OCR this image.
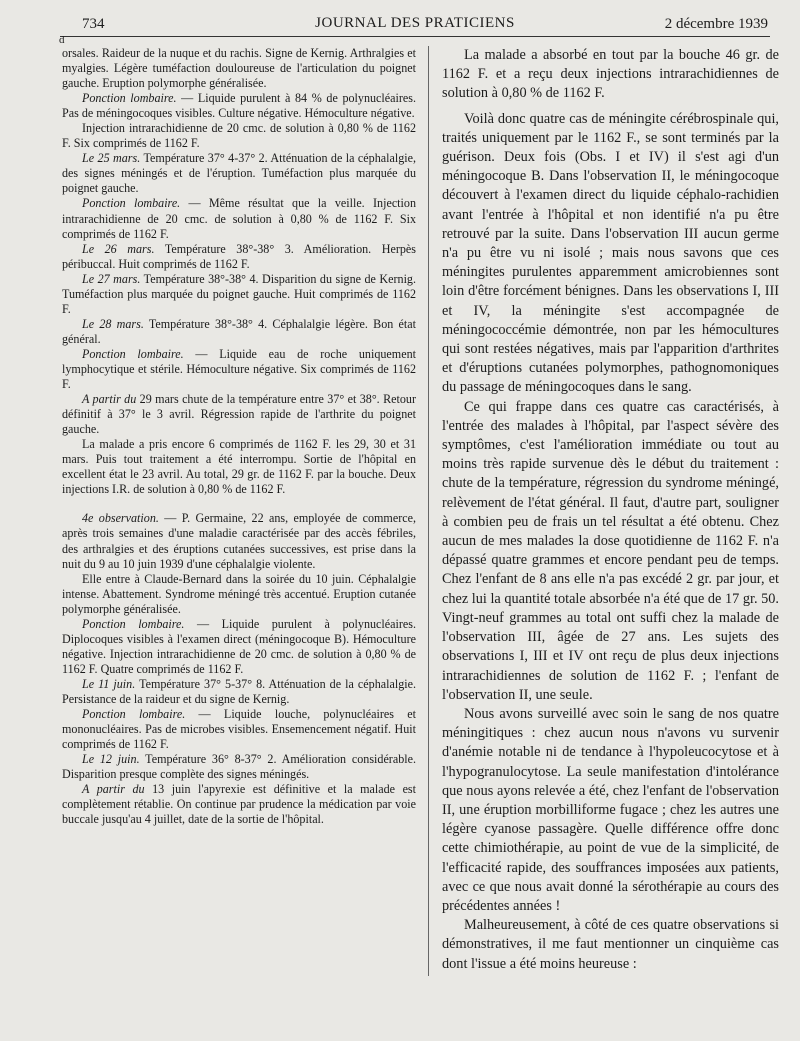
d
734	JOURNAL DES PRATICIENS	2 décembre 1939

orsales. Raideur de la nuque et du rachis. Signe de Kernig. Arthralgies et myalgies. Légère tuméfaction douloureuse de l'articulation du poignet gauche. Eruption polymorphe généralisée.

Ponction lombaire. — Liquide purulent à 84 % de polynucléaires. Pas de méningocoques visibles. Culture négative. Hémoculture négative.

Injection intrarachidienne de 20 cmc. de solution à 0,80 % de 1162 F. Six comprimés de 1162 F.

Le 25 mars. Température 37° 4-37° 2. Atténuation de la céphalalgie, des signes méningés et de l'éruption. Tuméfaction plus marquée du poignet gauche.

Ponction lombaire. — Même résultat que la veille. Injection intrarachidienne de 20 cmc. de solution à 0,80 % de 1162 F. Six comprimés de 1162 F.

Le 26 mars. Température 38°-38° 3. Amélioration. Herpès péribuccal. Huit comprimés de 1162 F.

Le 27 mars. Température 38°-38° 4. Disparition du signe de Kernig. Tuméfaction plus marquée du poignet gauche. Huit comprimés de 1162 F.

Le 28 mars. Température 38°-38° 4. Céphalalgie légère. Bon état général.

Ponction lombaire. — Liquide eau de roche uniquement lymphocytique et stérile. Hémoculture négative. Six comprimés de 1162 F.

A partir du 29 mars chute de la température entre 37° et 38°. Retour définitif à 37° le 3 avril. Régression rapide de l'arthrite du poignet gauche.

La malade a pris encore 6 comprimés de 1162 F. les 29, 30 et 31 mars. Puis tout traitement a été interrompu. Sortie de l'hôpital en excellent état le 23 avril. Au total, 29 gr. de 1162 F. par la bouche. Deux injections I.R. de solution à 0,80 % de 1162 F.

4e observation. — P. Germaine, 22 ans, employée de commerce, après trois semaines d'une maladie caractérisée par des accès fébriles, des arthralgies et des éruptions cutanées successives, est prise dans la nuit du 9 au 10 juin 1939 d'une céphalalgie violente.

Elle entre à Claude-Bernard dans la soirée du 10 juin. Céphalalgie intense. Abattement. Syndrome méningé très accentué. Eruption cutanée polymorphe généralisée.

Ponction lombaire. — Liquide purulent à polynucléaires. Diplocoques visibles à l'examen direct (méningocoque B). Hémoculture négative. Injection intrarachidienne de 20 cmc. de solution à 0,80 % de 1162 F. Quatre comprimés de 1162 F.

Le 11 juin. Température 37° 5-37° 8. Atténuation de la céphalalgie. Persistance de la raideur et du signe de Kernig.

Ponction lombaire. — Liquide louche, polynucléaires et mononucléaires. Pas de microbes visibles. Ensemencement négatif. Huit comprimés de 1162 F.

Le 12 juin. Température 36° 8-37° 2. Amélioration considérable. Disparition presque complète des signes méningés.

A partir du 13 juin l'apyrexie est définitive et la malade est complètement rétablie. On continue par prudence la médication par voie buccale jusqu'au 4 juillet, date de la sortie de l'hôpital.

La malade a absorbé en tout par la bouche 46 gr. de 1162 F. et a reçu deux injections intrarachidiennes de solution à 0,80 % de 1162 F.

Voilà donc quatre cas de méningite cérébrospinale qui, traités uniquement par le 1162 F., se sont terminés par la guérison. Deux fois (Obs. I et IV) il s'est agi d'un méningocoque B. Dans l'observation II, le méningocoque découvert à l'examen direct du liquide céphalo-rachidien avant l'entrée à l'hôpital et non identifié n'a pu être retrouvé par la suite. Dans l'observation III aucun germe n'a pu être vu ni isolé ; mais nous savons que ces méningites purulentes apparemment amicrobiennes sont loin d'être forcément bénignes. Dans les observations I, III et IV, la méningite s'est accompagnée de méningococcémie démontrée, non par les hémocultures qui sont restées négatives, mais par l'apparition d'arthrites et d'éruptions cutanées polymorphes, pathognomoniques du passage de méningocoques dans le sang.

Ce qui frappe dans ces quatre cas caractérisés, à l'entrée des malades à l'hôpital, par l'aspect sévère des symptômes, c'est l'amélioration immédiate ou tout au moins très rapide survenue dès le début du traitement : chute de la température, régression du syndrome méningé, relèvement de l'état général. Il faut, d'autre part, souligner à combien peu de frais un tel résultat a été obtenu. Chez aucun de mes malades la dose quotidienne de 1162 F. n'a dépassé quatre grammes et encore pendant peu de temps. Chez l'enfant de 8 ans elle n'a pas excédé 2 gr. par jour, et chez lui la quantité totale absorbée n'a été que de 17 gr. 50. Vingt-neuf grammes au total ont suffi chez la malade de l'observation III, âgée de 27 ans. Les sujets des observations I, III et IV ont reçu de plus deux injections intrarachidiennes de solution de 1162 F. ; l'enfant de l'observation II, une seule.

Nous avons surveillé avec soin le sang de nos quatre méningitiques : chez aucun nous n'avons vu survenir d'anémie notable ni de tendance à l'hypoleucocytose et à l'hypogranulocytose. La seule manifestation d'intolérance que nous ayons relevée a été, chez l'enfant de l'observation II, une éruption morbilliforme fugace ; chez les autres une légère cyanose passagère. Quelle différence offre donc cette chimiothérapie, au point de vue de la simplicité, de l'efficacité rapide, des souffrances imposées aux patients, avec ce que nous avait donné la sérothérapie au cours des précédentes années !

Malheureusement, à côté de ces quatre observations si démonstratives, il me faut mentionner un cinquième cas dont l'issue a été moins heureuse :
